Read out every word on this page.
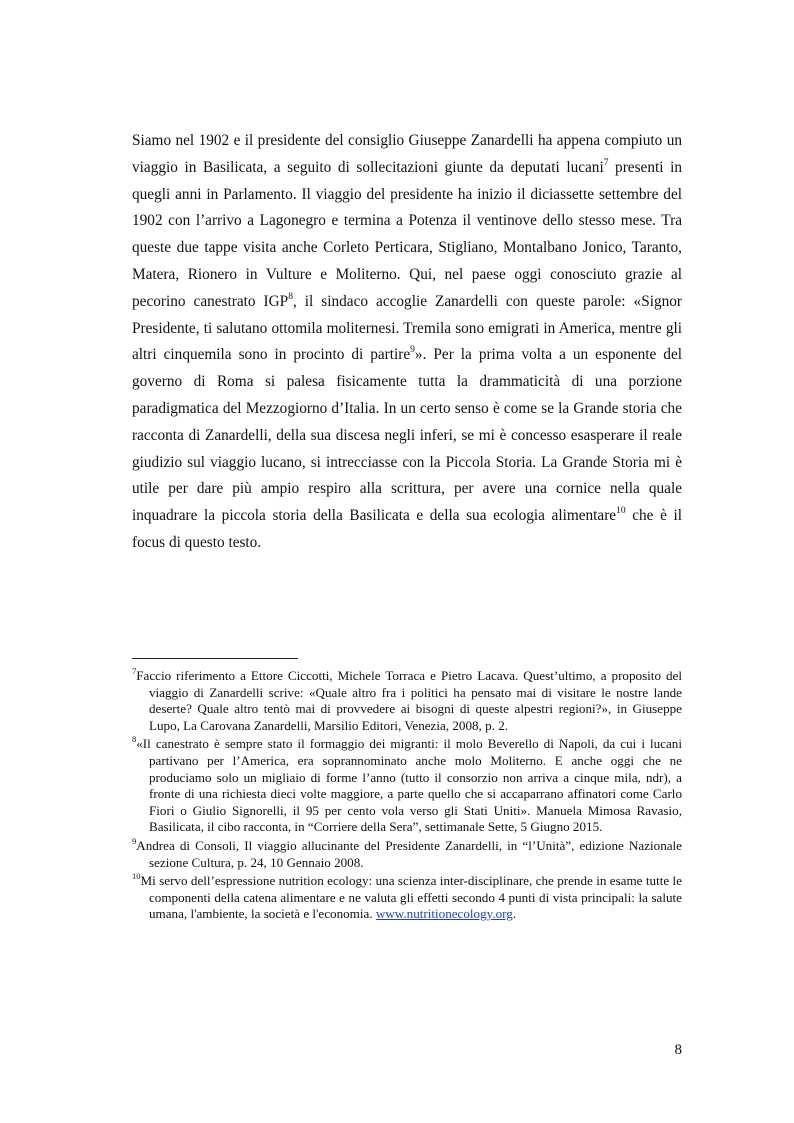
Siamo nel 1902 e il presidente del consiglio Giuseppe Zanardelli ha appena compiuto un viaggio in Basilicata, a seguito di sollecitazioni giunte da deputati lucani$^7$ presenti in quegli anni in Parlamento. Il viaggio del presidente ha inizio il diciassette settembre del 1902 con l’arrivo a Lagonegro e termina a Potenza il ventinove dello stesso mese. Tra queste due tappe visita anche Corleto Perticara, Stigliano, Montalbano Jonico, Taranto, Matera, Rionero in Vulture e Moliterno. Qui, nel paese oggi conosciuto grazie al pecorino canestrato IGP$^8$, il sindaco accoglie Zanardelli con queste parole: «Signor Presidente, ti salutano ottomila moliternesi. Tremila sono emigrati in America, mentre gli altri cinquemila sono in procinto di partire$^9$». Per la prima volta a un esponente del governo di Roma si palesa fisicamente tutta la drammaticità di una porzione paradigmatica del Mezzogiorno d’Italia. In un certo senso è come se la Grande storia che racconta di Zanardelli, della sua discesa negli inferi, se mi è concesso esasperare il reale giudizio sul viaggio lucano, si intrecciasse con la Piccola Storia. La Grande Storia mi è utile per dare più ampio respiro alla scrittura, per avere una cornice nella quale inquadrare la piccola storia della Basilicata e della sua ecologia alimentare$^{10}$ che è il focus di questo testo.

$^7$Faccio riferimento a Ettore Ciccotti, Michele Torraca e Pietro Lacava. Quest’ultimo, a proposito del viaggio di Zanardelli scrive: «Quale altro fra i politici ha pensato mai di visitare le nostre lande deserte? Quale altro tentò mai di provvedere ai bisogni di queste alpestri regioni?», in Giuseppe Lupo, La Carovana Zanardelli, Marsilio Editori, Venezia, 2008, p. 2.

$^8$«Il canestrato è sempre stato il formaggio dei migranti: il molo Beverello di Napoli, da cui i lucani partivano per l’America, era soprannominato anche molo Moliterno. E anche oggi che ne produciamo solo un migliaio di forme l’anno (tutto il consorzio non arriva a cinque mila, ndr), a fronte di una richiesta dieci volte maggiore, a parte quello che si accaparrano affinatori come Carlo Fiori o Giulio Signorelli, il 95 per cento vola verso gli Stati Uniti». Manuela Mimosa Ravasio, Basilicata, il cibo racconta, in “Corriere della Sera”, settimanale Sette, 5 Giugno 2015.

$^9$Andrea di Consoli, Il viaggio allucinante del Presidente Zanardelli, in “l’Unità”, edizione Nazionale sezione Cultura, p. 24, 10 Gennaio 2008.

$^{10}$Mi servo dell’espressione nutrition ecology: una scienza inter-disciplinare, che prende in esame tutte le componenti della catena alimentare e ne valuta gli effetti secondo 4 punti di vista principali: la salute umana, l'ambiente, la società e l'economia. www.nutritionecology.org.

8
